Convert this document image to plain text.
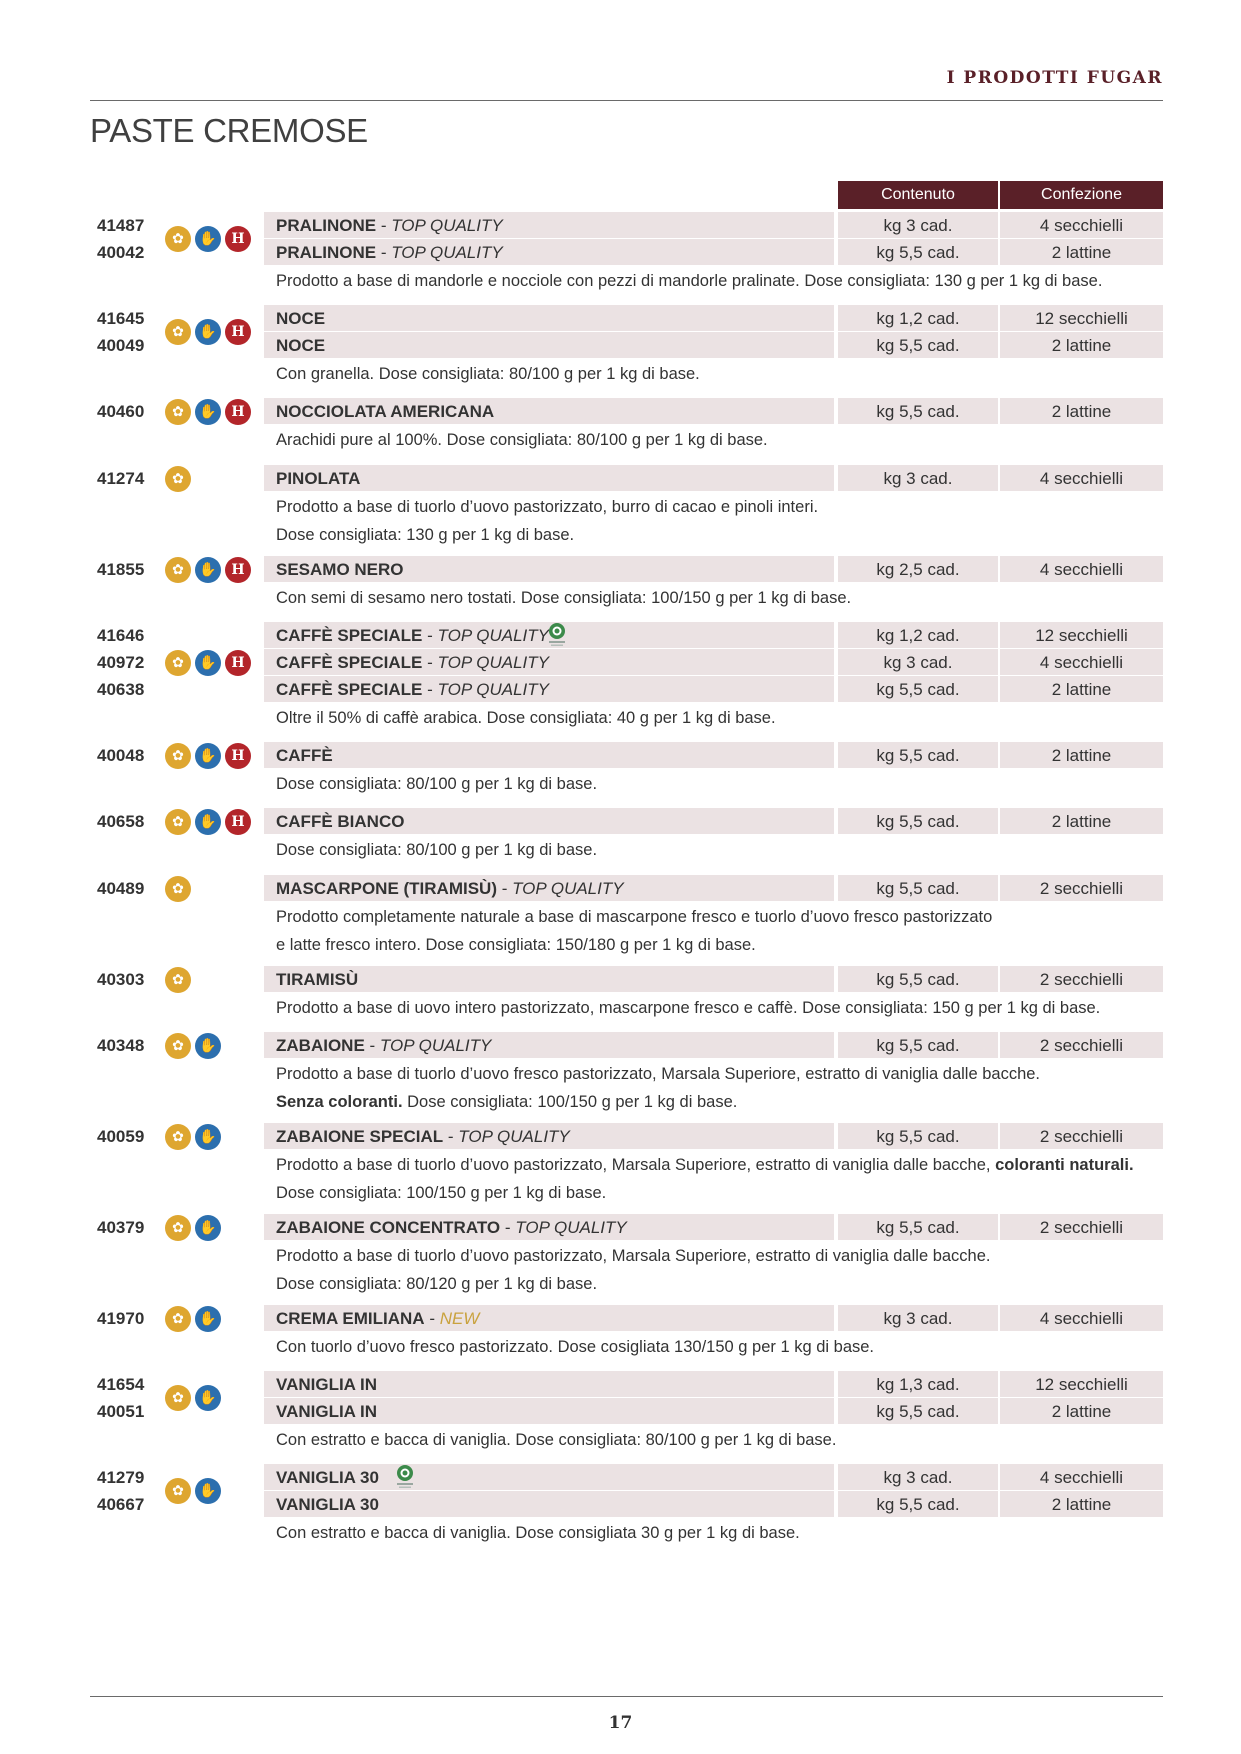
I PRODOTTI FUGAR
PASTE CREMOSE
Contenuto	Confezione
✿	✋	H
41487	PRALINONE - TOP QUALITY	kg 3 cad.	4 secchielli
40042	PRALINONE - TOP QUALITY	kg 5,5 cad.	2 lattine
Prodotto a base di mandorle e nocciole con pezzi di mandorle pralinate. Dose consigliata: 130 g per 1 kg di base.
✿	✋	H
41645	NOCE	kg 1,2 cad.	12 secchielli
40049	NOCE	kg 5,5 cad.	2 lattine
Con granella. Dose consigliata: 80/100 g per 1 kg di base.
✿	✋	H
40460	NOCCIOLATA AMERICANA	kg 5,5 cad.	2 lattine
Arachidi pure al 100%. Dose consigliata: 80/100 g per 1 kg di base.
✿
41274	PINOLATA	kg 3 cad.	4 secchielli
Prodotto a base di tuorlo d’uovo pastorizzato, burro di cacao e pinoli interi.
Dose consigliata: 130 g per 1 kg di base.
✿	✋	H
41855	SESAMO NERO	kg 2,5 cad.	4 secchielli
Con semi di sesamo nero tostati. Dose consigliata: 100/150 g per 1 kg di base.
✿	✋	H
41646	CAFFÈ SPECIALE - TOP QUALITY	kg 1,2 cad.	12 secchielli
40972	CAFFÈ SPECIALE - TOP QUALITY	kg 3 cad.	4 secchielli
40638	CAFFÈ SPECIALE - TOP QUALITY	kg 5,5 cad.	2 lattine
Oltre il 50% di caffè arabica. Dose consigliata: 40 g per 1 kg di base.
✿	✋	H
40048	CAFFÈ	kg 5,5 cad.	2 lattine
Dose consigliata: 80/100 g per 1 kg di base.
✿	✋	H
40658	CAFFÈ BIANCO	kg 5,5 cad.	2 lattine
Dose consigliata: 80/100 g per 1 kg di base.
✿
40489	MASCARPONE (TIRAMISÙ) - TOP QUALITY	kg 5,5 cad.	2 secchielli
Prodotto completamente naturale a base di mascarpone fresco e tuorlo d’uovo fresco pastorizzato
e latte fresco intero. Dose consigliata: 150/180 g per 1 kg di base.
✿
40303	TIRAMISÙ	kg 5,5 cad.	2 secchielli
Prodotto a base di uovo intero pastorizzato, mascarpone fresco e caffè. Dose consigliata: 150 g per 1 kg di base.
✿	✋
40348	ZABAIONE - TOP QUALITY	kg 5,5 cad.	2 secchielli
Prodotto a base di tuorlo d’uovo fresco pastorizzato, Marsala Superiore, estratto di vaniglia dalle bacche.
Senza coloranti. Dose consigliata: 100/150 g per 1 kg di base.
✿	✋
40059	ZABAIONE SPECIAL - TOP QUALITY	kg 5,5 cad.	2 secchielli
Prodotto a base di tuorlo d’uovo pastorizzato, Marsala Superiore, estratto di vaniglia dalle bacche, coloranti naturali.
Dose consigliata: 100/150 g per 1 kg di base.
✿	✋
40379	ZABAIONE CONCENTRATO - TOP QUALITY	kg 5,5 cad.	2 secchielli
Prodotto a base di tuorlo d’uovo pastorizzato, Marsala Superiore, estratto di vaniglia dalle bacche.
Dose consigliata: 80/120 g per 1 kg di base.
✿	✋
41970	CREMA EMILIANA - NEW	kg 3 cad.	4 secchielli
Con tuorlo d’uovo fresco pastorizzato. Dose cosigliata 130/150 g per 1 kg di base.
✿	✋
41654	VANIGLIA IN	kg 1,3 cad.	12 secchielli
40051	VANIGLIA IN	kg 5,5 cad.	2 lattine
Con estratto e bacca di vaniglia. Dose consigliata: 80/100 g per 1 kg di base.
✿	✋
41279	VANIGLIA 30	kg 3 cad.	4 secchielli
40667	VANIGLIA 30	kg 5,5 cad.	2 lattine
Con estratto e bacca di vaniglia. Dose consigliata 30 g per 1 kg di base.
17
